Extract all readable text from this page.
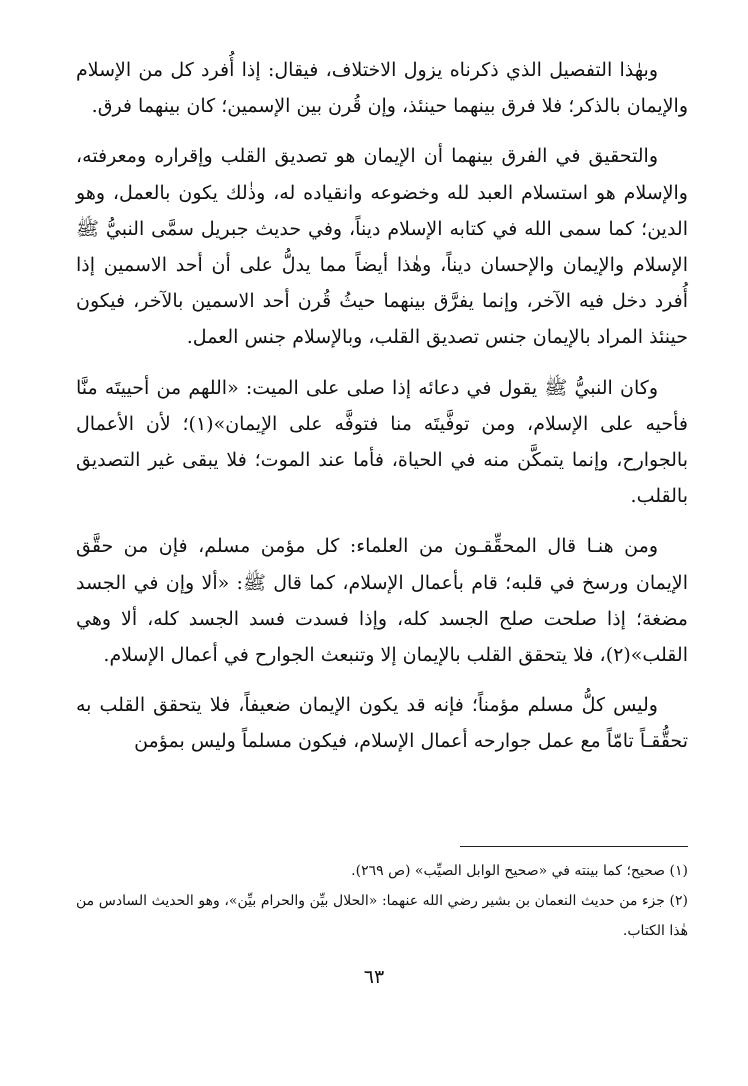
وبهٰذا التفصيل الذي ذكرناه يزول الاختلاف، فيقال: إذا أُفرد كل من الإسلام والإيمان بالذكر؛ فلا فرق بينهما حينئذ، وإن قُرن بين الإسمين؛ كان بينهما فرق.

والتحقيق في الفرق بينهما أن الإيمان هو تصديق القلب وإقراره ومعرفته، والإسلام هو استسلام العبد لله وخضوعه وانقياده له، وذٰلك يكون بالعمل، وهو الدين؛ كما سمى الله في كتابه الإسلام ديناً، وفي حديث جبريل سمَّى النبيُّ ﷺ الإسلام والإيمان والإحسان ديناً، وهٰذا أيضاً مما يدلُّ على أن أحد الاسمين إذا أُفرد دخل فيه الآخر، وإنما يفرَّق بينهما حيثُ قُرن أحد الاسمين بالآخر، فيكون حينئذ المراد بالإيمان جنس تصديق القلب، وبالإسلام جنس العمل.

وكان النبيُّ ﷺ يقول في دعائه إذا صلى على الميت: «اللهم من أحييتَه منَّا فأحيه على الإسلام، ومن توفَّيتَه منا فتوفَّه على الإيمان»(١)؛ لأن الأعمال بالجوارح، وإنما يتمكَّن منه في الحياة، فأما عند الموت؛ فلا يبقى غير التصديق بالقلب.

ومن هنـا قال المحقِّقـون من العلماء: كل مؤمن مسلم، فإن من حقَّق الإيمان ورسخ في قلبه؛ قام بأعمال الإسلام، كما قال ﷺ: «ألا وإن في الجسد مضغة؛ إذا صلحت صلح الجسد كله، وإذا فسدت فسد الجسد كله، ألا وهي القلب»(٢)، فلا يتحقق القلب بالإيمان إلا وتنبعث الجوارح في أعمال الإسلام.

وليس كلُّ مسلم مؤمناً؛ فإنه قد يكون الإيمان ضعيفاً، فلا يتحقق القلب به تحقُّقـاً تامّاً مع عمل جوارحه أعمال الإسلام، فيكون مسلماً وليس بمؤمن

(١) صحيح؛ كما بينته في «صحيح الوابل الصيِّب» (ص ٢٦٩).

(٢) جزء من حديث النعمان بن بشير رضي الله عنهما: «الحلال بيِّن والحرام بيِّن»، وهو الحديث السادس من هٰذا الكتاب.

٦٣
